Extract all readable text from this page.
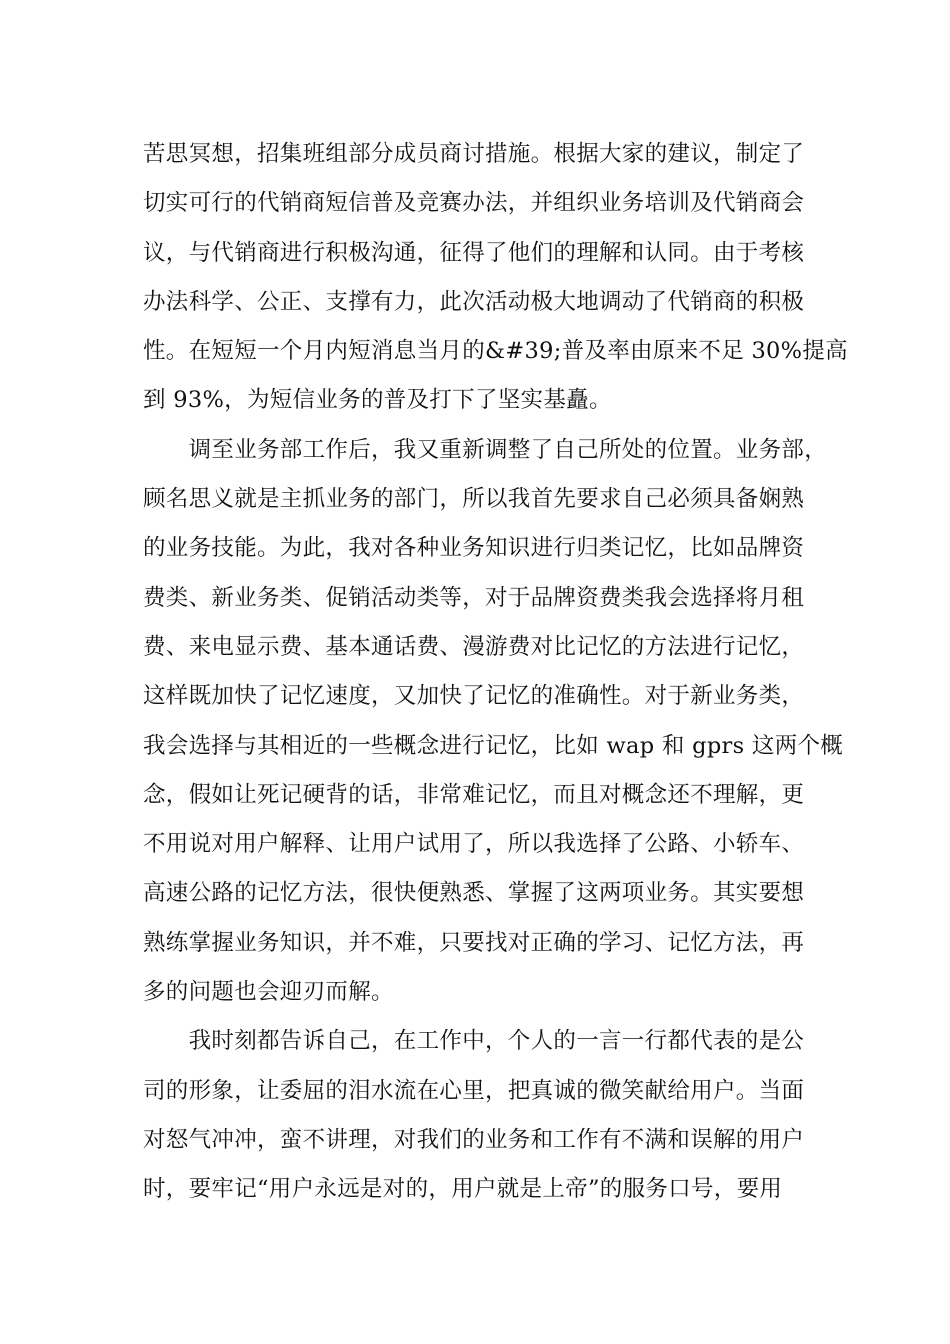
苦思冥想，招集班组部分成员商讨措施。根据大家的建议，制定了
切实可行的代销商短信普及竞赛办法，并组织业务培训及代销商会
议，与代销商进行积极沟通，征得了他们的理解和认同。由于考核
办法科学、公正、支撑有力，此次活动极大地调动了代销商的积极
性。在短短一个月内短消息当月的&#39;普及率由原来不足 30%提高
到 93%，为短信业务的普及打下了坚实基矗。
　　调至业务部工作后，我又重新调整了自己所处的位置。业务部，
顾名思义就是主抓业务的部门，所以我首先要求自己必须具备娴熟
的业务技能。为此，我对各种业务知识进行归类记忆，比如品牌资
费类、新业务类、促销活动类等，对于品牌资费类我会选择将月租
费、来电显示费、基本通话费、漫游费对比记忆的方法进行记忆，
这样既加快了记忆速度，又加快了记忆的准确性。对于新业务类，
我会选择与其相近的一些概念进行记忆，比如 wap 和 gprs 这两个概
念，假如让死记硬背的话，非常难记忆，而且对概念还不理解，更
不用说对用户解释、让用户试用了，所以我选择了公路、小轿车、
高速公路的记忆方法，很快便熟悉、掌握了这两项业务。其实要想
熟练掌握业务知识，并不难，只要找对正确的学习、记忆方法，再
多的问题也会迎刃而解。
　　我时刻都告诉自己，在工作中，个人的一言一行都代表的是公
司的形象，让委屈的泪水流在心里，把真诚的微笑献给用户。当面
对怒气冲冲，蛮不讲理，对我们的业务和工作有不满和误解的用户
时，要牢记“用户永远是对的，用户就是上帝”的服务口号，要用
